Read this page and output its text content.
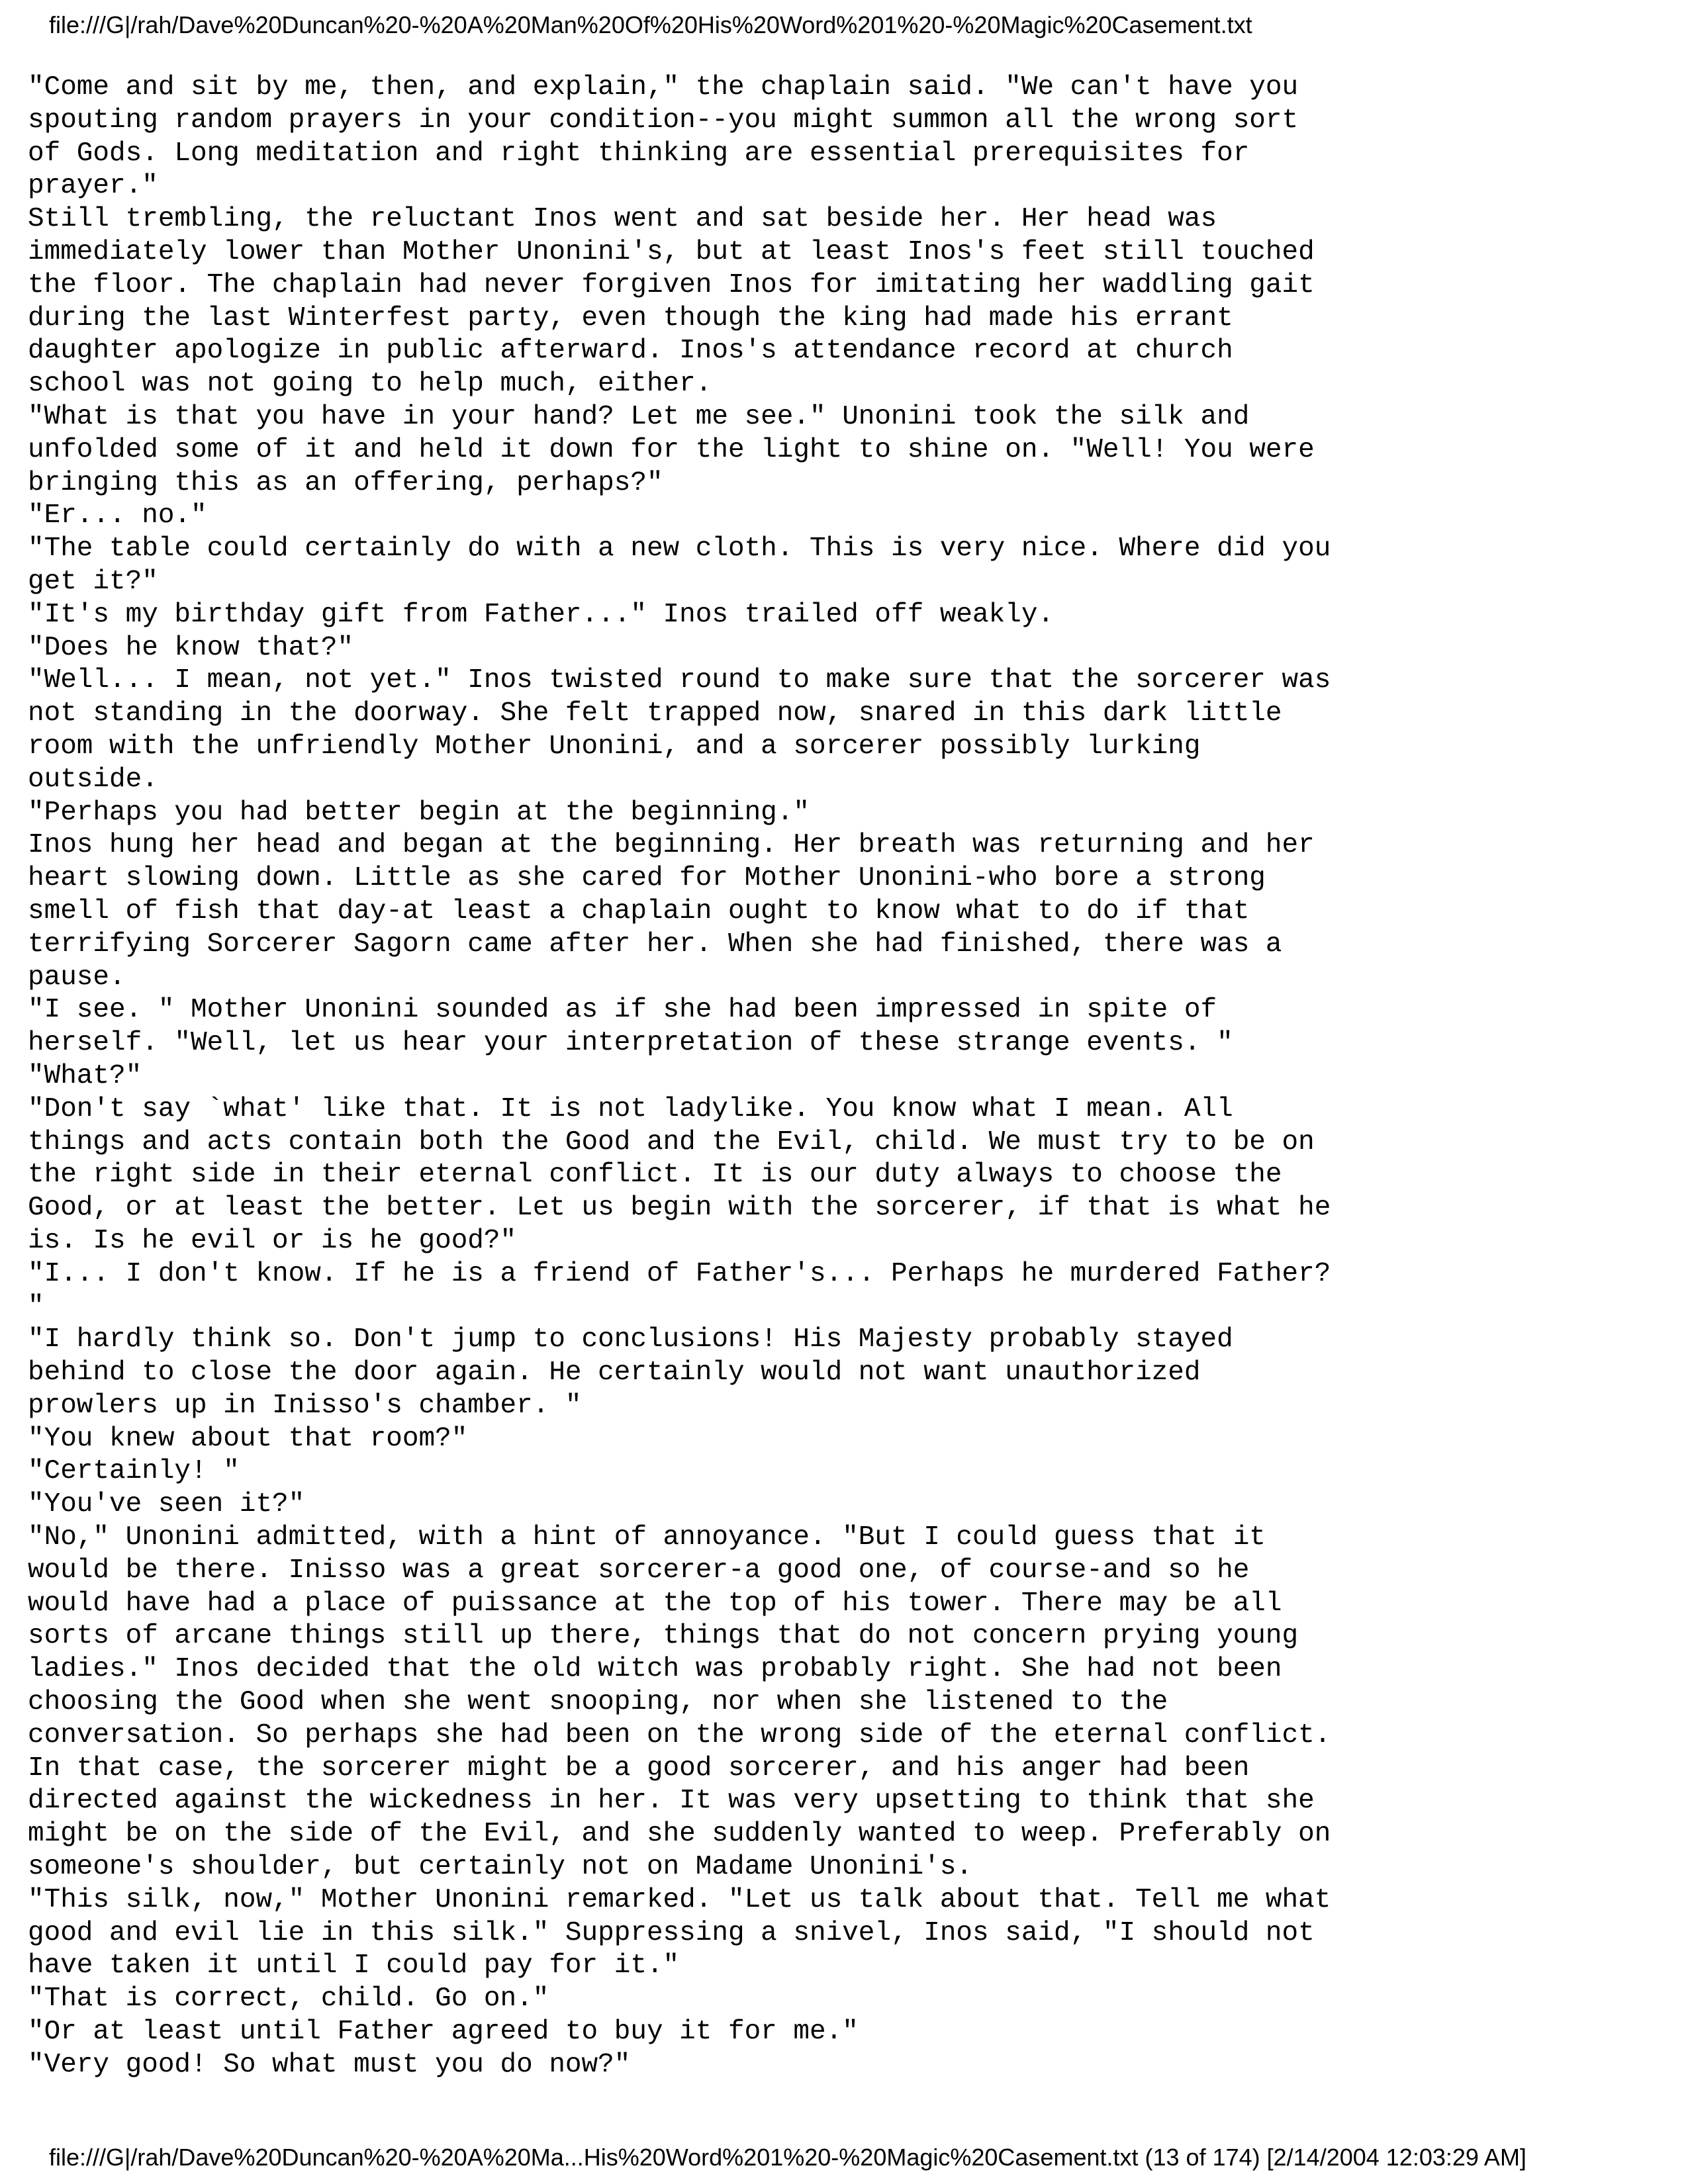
file:///G|/rah/Dave%20Duncan%20-%20A%20Man%20Of%20His%20Word%201%20-%20Magic%20Casement.txt
"Come and sit by me, then, and explain," the chaplain said. "We can't have you
spouting random prayers in your condition--you might summon all the wrong sort
of Gods. Long meditation and right thinking are essential prerequisites for
prayer."
Still trembling, the reluctant Inos went and sat beside her. Her head was
immediately lower than Mother Unonini's, but at least Inos's feet still touched
the floor. The chaplain had never forgiven Inos for imitating her waddling gait
during the last Winterfest party, even though the king had made his errant
daughter apologize in public afterward. Inos's attendance record at church
school was not going to help much, either.
"What is that you have in your hand? Let me see." Unonini took the silk and
unfolded some of it and held it down for the light to shine on. "Well! You were
bringing this as an offering, perhaps?"
"Er... no."
"The table could certainly do with a new cloth. This is very nice. Where did you
get it?"
"It's my birthday gift from Father..." Inos trailed off weakly.
"Does he know that?"
"Well... I mean, not yet." Inos twisted round to make sure that the sorcerer was
not standing in the doorway. She felt trapped now, snared in this dark little
room with the unfriendly Mother Unonini, and a sorcerer possibly lurking
outside.
"Perhaps you had better begin at the beginning."
Inos hung her head and began at the beginning. Her breath was returning and her
heart slowing down. Little as she cared for Mother Unonini-who bore a strong
smell of fish that day-at least a chaplain ought to know what to do if that
terrifying Sorcerer Sagorn came after her. When she had finished, there was a
pause.
"I see. " Mother Unonini sounded as if she had been impressed in spite of
herself. "Well, let us hear your interpretation of these strange events. "
"What?"
"Don't say `what' like that. It is not ladylike. You know what I mean. All
things and acts contain both the Good and the Evil, child. We must try to be on
the right side in their eternal conflict. It is our duty always to choose the
Good, or at least the better. Let us begin with the sorcerer, if that is what he
is. Is he evil or is he good?"
"I... I don't know. If he is a friend of Father's... Perhaps he murdered Father?
"
"I hardly think so. Don't jump to conclusions! His Majesty probably stayed
behind to close the door again. He certainly would not want unauthorized
prowlers up in Inisso's chamber. "
"You knew about that room?"
"Certainly! "
"You've seen it?"
"No," Unonini admitted, with a hint of annoyance. "But I could guess that it
would be there. Inisso was a great sorcerer-a good one, of course-and so he
would have had a place of puissance at the top of his tower. There may be all
sorts of arcane things still up there, things that do not concern prying young
ladies." Inos decided that the old witch was probably right. She had not been
choosing the Good when she went snooping, nor when she listened to the
conversation. So perhaps she had been on the wrong side of the eternal conflict.
In that case, the sorcerer might be a good sorcerer, and his anger had been
directed against the wickedness in her. It was very upsetting to think that she
might be on the side of the Evil, and she suddenly wanted to weep. Preferably on
someone's shoulder, but certainly not on Madame Unonini's.
"This silk, now," Mother Unonini remarked. "Let us talk about that. Tell me what
good and evil lie in this silk." Suppressing a snivel, Inos said, "I should not
have taken it until I could pay for it."
"That is correct, child. Go on."
"Or at least until Father agreed to buy it for me."
"Very good! So what must you do now?"
file:///G|/rah/Dave%20Duncan%20-%20A%20Ma...His%20Word%201%20-%20Magic%20Casement.txt (13 of 174) [2/14/2004 12:03:29 AM]
